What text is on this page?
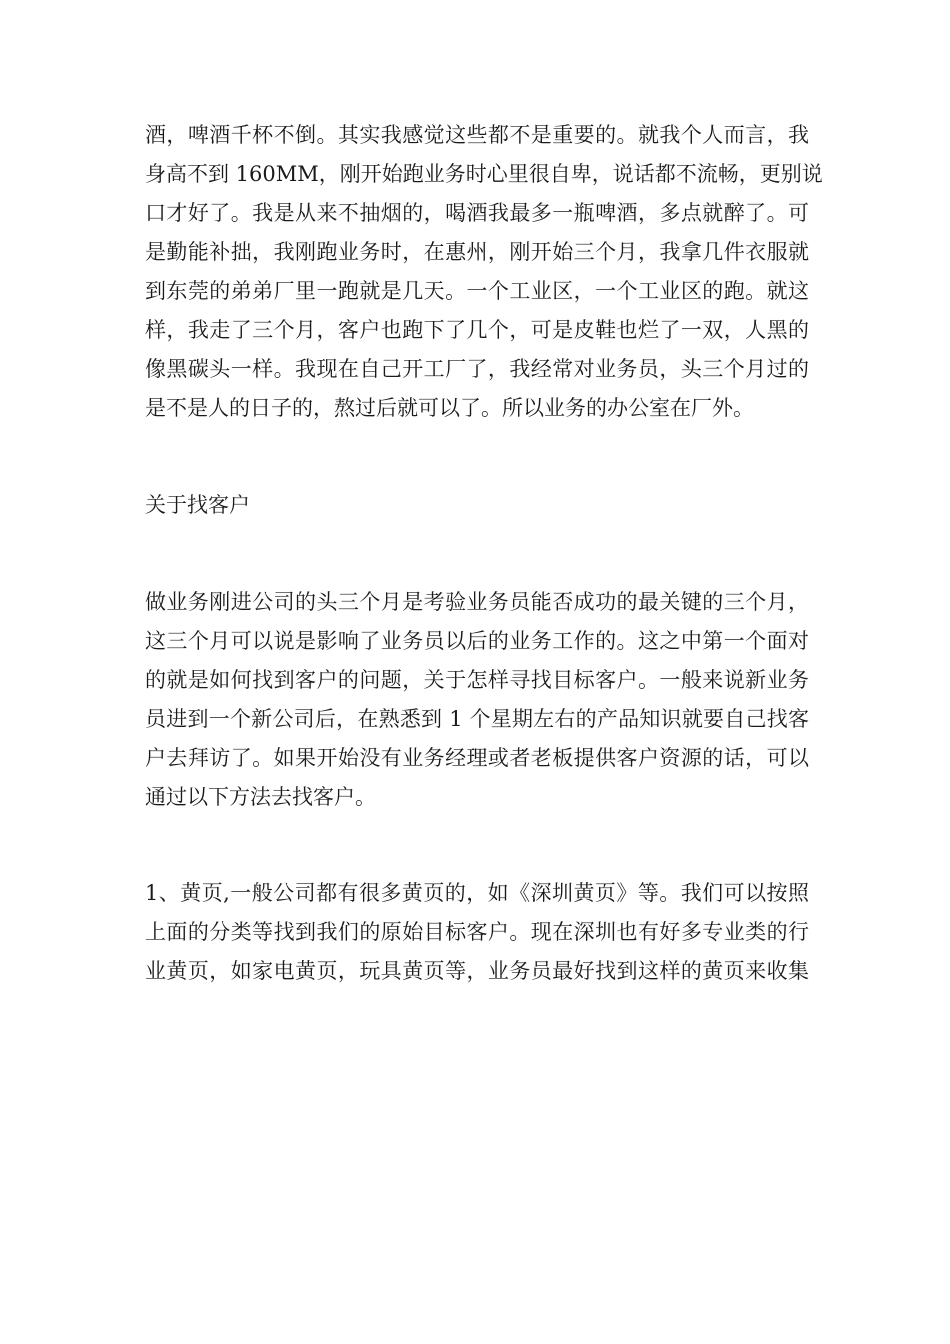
酒，啤酒千杯不倒。其实我感觉这些都不是重要的。就我个人而言，我
身高不到 160MM，刚开始跑业务时心里很自卑，说话都不流畅，更别说
口才好了。我是从来不抽烟的，喝酒我最多一瓶啤酒，多点就醉了。可
是勤能补拙，我刚跑业务时，在惠州，刚开始三个月，我拿几件衣服就
到东莞的弟弟厂里一跑就是几天。一个工业区，一个工业区的跑。就这
样，我走了三个月，客户也跑下了几个，可是皮鞋也烂了一双，人黑的
像黑碳头一样。我现在自己开工厂了，我经常对业务员，头三个月过的
是不是人的日子的，熬过后就可以了。所以业务的办公室在厂外。
关于找客户
做业务刚进公司的头三个月是考验业务员能否成功的最关键的三个月，
这三个月可以说是影响了业务员以后的业务工作的。这之中第一个面对
的就是如何找到客户的问题，关于怎样寻找目标客户。一般来说新业务
员进到一个新公司后，在熟悉到 1 个星期左右的产品知识就要自己找客
户去拜访了。如果开始没有业务经理或者老板提供客户资源的话，可以
通过以下方法去找客户。
1、黄页,一般公司都有很多黄页的，如《深圳黄页》等。我们可以按照
上面的分类等找到我们的原始目标客户。现在深圳也有好多专业类的行
业黄页，如家电黄页，玩具黄页等，业务员最好找到这样的黄页来收集
